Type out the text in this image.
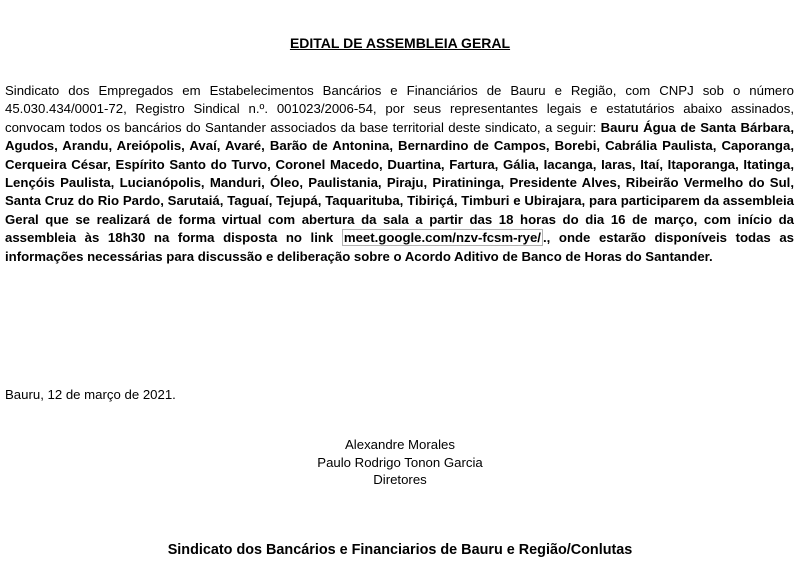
EDITAL DE ASSEMBLEIA GERAL

Sindicato dos Empregados em Estabelecimentos Bancários e Financiários de Bauru e Região, com CNPJ sob o número 45.030.434/0001-72, Registro Sindical n.º. 001023/2006-54, por seus representantes legais e estatutários abaixo assinados, convocam todos os bancários do Santander associados da base territorial deste sindicato, a seguir: Bauru Água de Santa Bárbara, Agudos, Arandu, Areiópolis, Avaí, Avaré, Barão de Antonina, Bernardino de Campos, Borebi, Cabrália Paulista, Caporanga, Cerqueira César, Espírito Santo do Turvo, Coronel Macedo, Duartina, Fartura, Gália, Iacanga, Iaras, Itaí, Itaporanga, Itatinga, Lençóis Paulista, Lucianópolis, Manduri, Óleo, Paulistania, Piraju, Piratininga, Presidente Alves, Ribeirão Vermelho do Sul, Santa Cruz do Rio Pardo, Sarutaiá, Taguaí, Tejupá, Taquarituba, Tibiriçá, Timburi e Ubirajara, para participarem da assembleia Geral que se realizará de forma virtual com abertura da sala a partir das 18 horas do dia 16 de março, com início da assembleia às 18h30 na forma disposta no link meet.google.com/nzv-fcsm-rye/ ., onde estarão disponíveis todas as informações necessárias para discussão e deliberação sobre o Acordo Aditivo de Banco de Horas do Santander.

Bauru, 12 de março de 2021.
Alexandre Morales
Paulo Rodrigo Tonon Garcia
Diretores
Sindicato dos Bancários e Financiarios de Bauru e Região/Conlutas
